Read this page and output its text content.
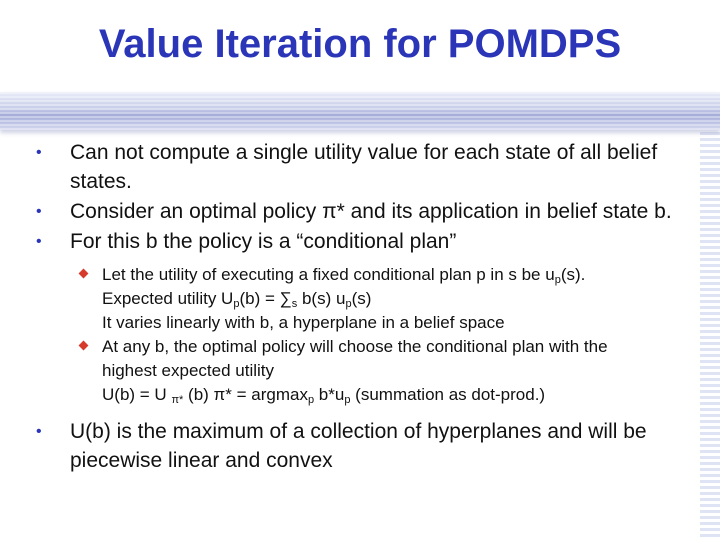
Value Iteration for POMDPS
• Can not compute a single utility value for each state of all belief states.
• Consider an optimal policy π* and its application in belief state b.
• For this b the policy is a “conditional plan”
Let the utility of executing a fixed conditional plan p in s be $u_p(s)$.
Expected utility $U_p(b) = \sum_s$ b(s) $u_p(s)$
It varies linearly with b, a hyperplane in a belief space
At any b, the optimal policy will choose the conditional plan with the
highest expected utility
U(b) = U $_{\pi*}$ (b) π* = argmax$_p$ $b*u_p$ (summation as dot-prod.)
• U(b) is the maximum of a collection of hyperplanes and will be piecewise linear and convex
